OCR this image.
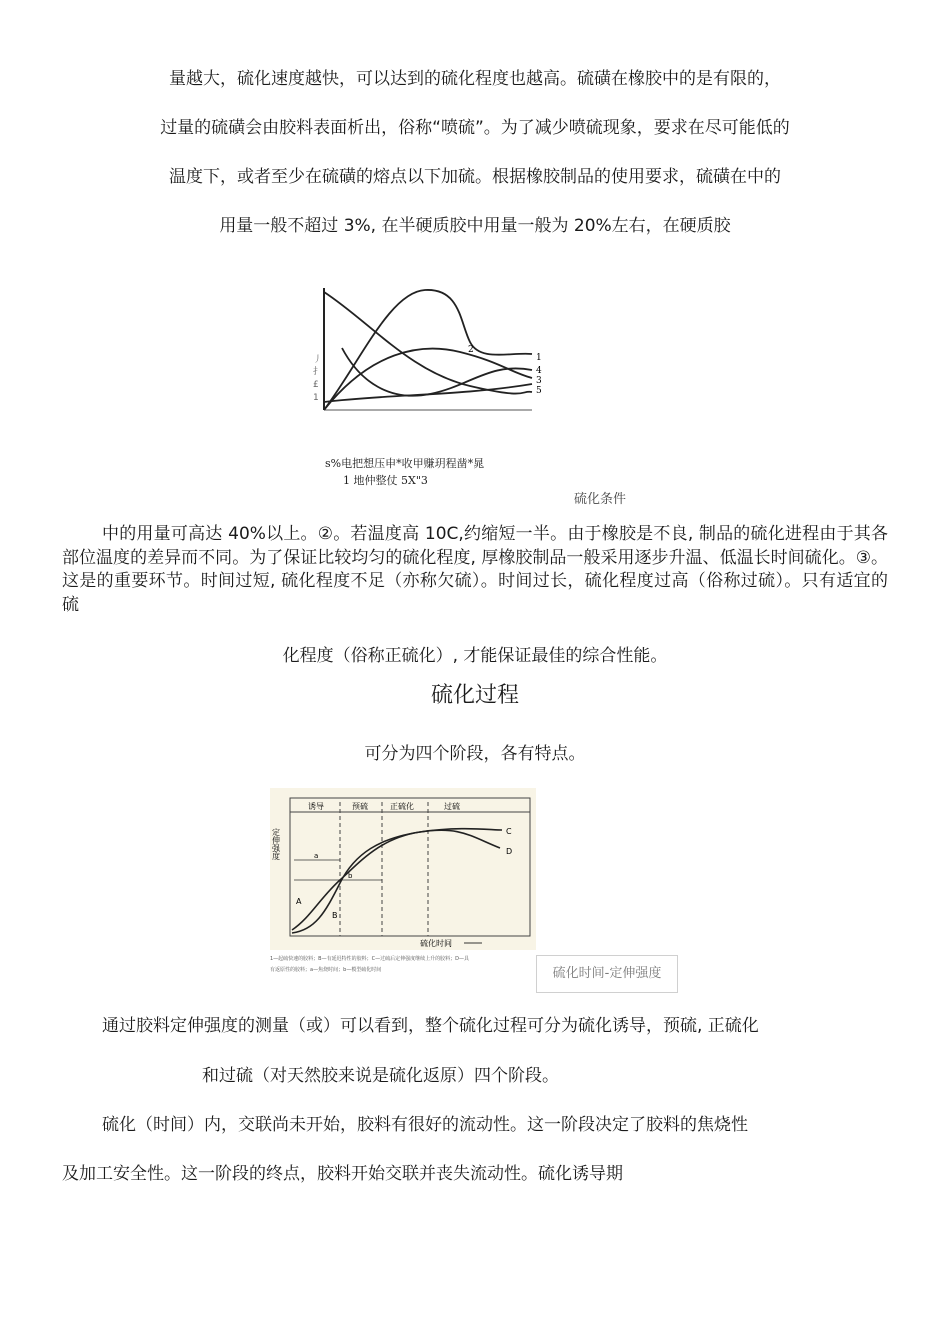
量越大，硫化速度越快，可以达到的硫化程度也越高。硫磺在橡胶中的是有限的，
过量的硫磺会由胶料表面析出，俗称“喷硫”。为了减少喷硫现象，要求在尽可能低的
温度下，或者至少在硫磺的熔点以下加硫。根据橡胶制品的使用要求，硫磺在中的
用量一般不超过 3%, 在半硬质胶中用量一般为 20%左右，在硬质胶
2
1
4
3
5
丿
扌
£
1
s%电把想压申*收甲赚玥程凿*晁
1 地仲整仗 5X"3
硫化条件
中的用量可高达 40%以上。②。若温度高 10C,约缩短一半。由于橡胶是不良, 制品的硫化进程由于其各部位温度的差异而不同。为了保证比较均匀的硫化程度, 厚橡胶制品一般采用逐步升温、低温长时间硫化。③。这是的重要环节。时间过短, 硫化程度不足（亦称欠硫）。时间过长，硫化程度过高（俗称过硫）。只有适宜的硫
化程度（俗称正硫化）, 才能保证最佳的综合性能。
硫化过程
可分为四个阶段，各有特点。
诱导	预硫	正硫化	过硫
定伸强度
硫化时间
A
B
C
D
a
b
1—起硫快速的胶料；B—有延迟特性的胶料；C—过硫后定伸强度继续上升的胶料；D—具
有返原性的胶料；a—焦烧时间；b—模型硫化时间	硫化时间-定伸强度
通过胶料定伸强度的测量（或）可以看到，整个硫化过程可分为硫化诱导，预硫, 正硫化
和过硫（对天然胶来说是硫化返原）四个阶段。
硫化（时间）内，交联尚未开始，胶料有很好的流动性。这一阶段决定了胶料的焦烧性
及加工安全性。这一阶段的终点，胶料开始交联并丧失流动性。硫化诱导期
